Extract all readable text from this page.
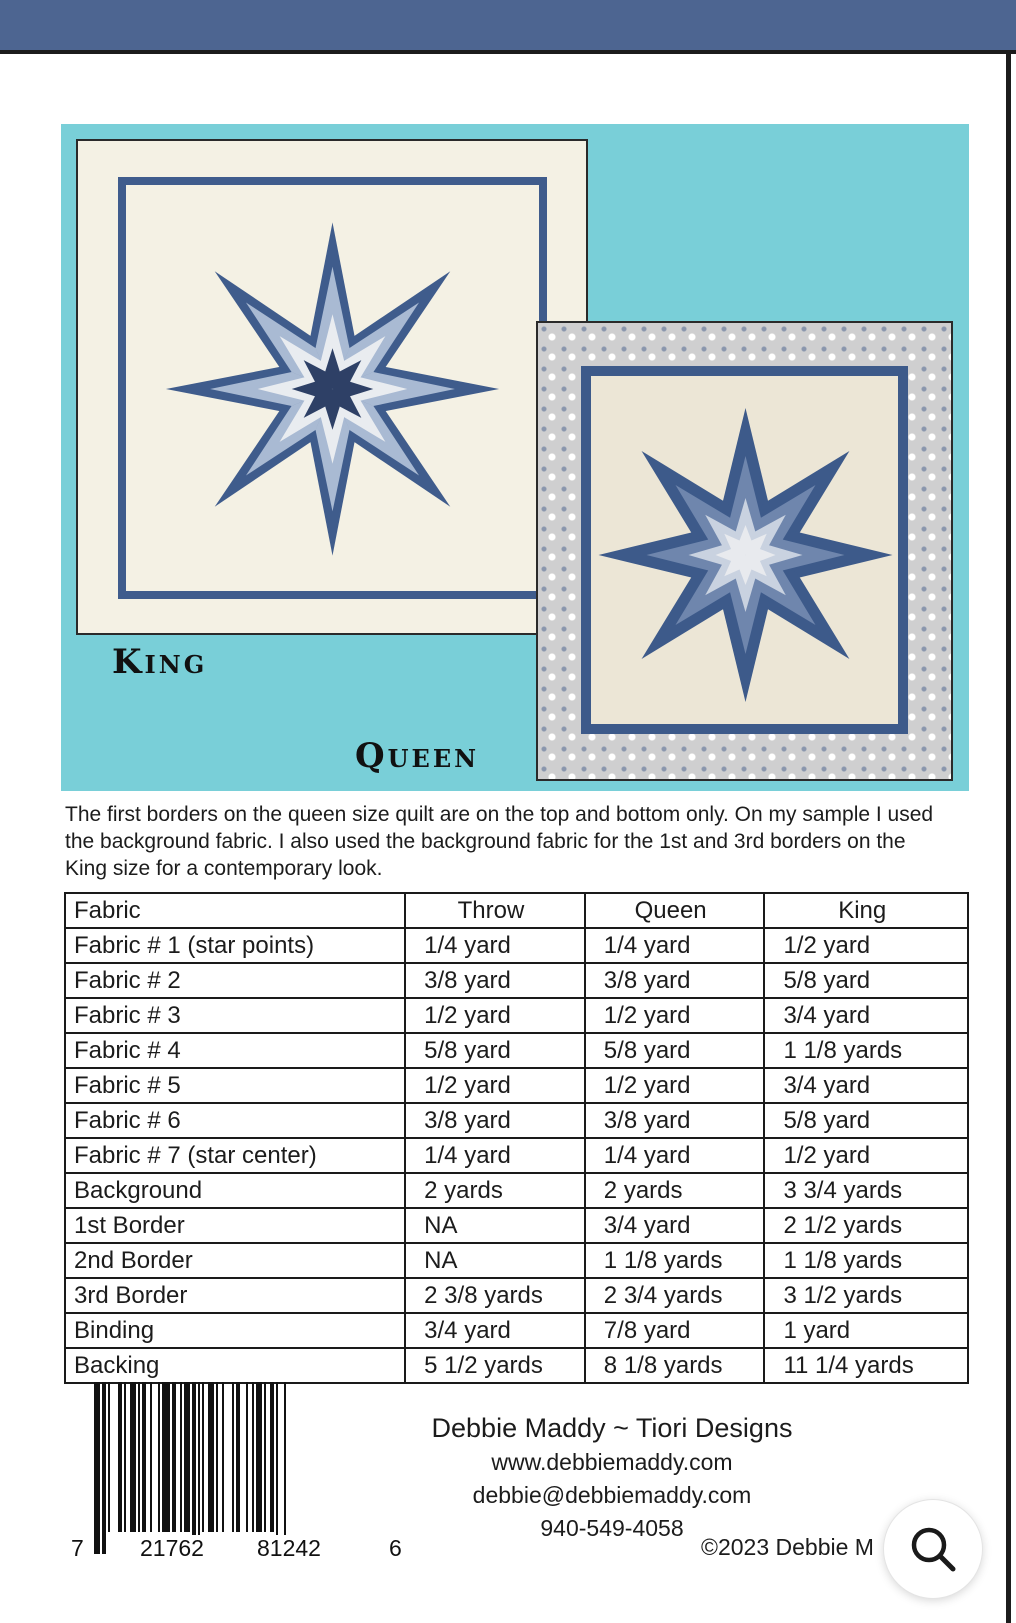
King
Queen

The first borders on the queen size quilt are on the top and bottom only. On my sample I used the background fabric. I also used the background fabric for the 1st and 3rd borders on the King size for a contemporary look.

Fabric	Throw	Queen	King
Fabric # 1 (star points)	1/4 yard	1/4 yard	1/2 yard
Fabric # 2	3/8 yard	3/8 yard	5/8 yard
Fabric # 3	1/2 yard	1/2 yard	3/4 yard
Fabric # 4	5/8 yard	5/8 yard	1 1/8 yards
Fabric # 5	1/2 yard	1/2 yard	3/4 yard
Fabric # 6	3/8 yard	3/8 yard	5/8 yard
Fabric # 7 (star center)	1/4 yard	1/4 yard	1/2 yard
Background	2 yards	2 yards	3 3/4 yards
1st Border	NA	3/4 yard	2 1/2 yards
2nd Border	NA	1 1/8 yards	1 1/8 yards
3rd Border	2 3/8 yards	2 3/4 yards	3 1/2 yards
Binding	3/4 yard	7/8 yard	1 yard
Backing	5 1/2 yards	8 1/8 yards	11 1/4 yards
7 21762 81242	6
Debbie Maddy ~ Tiori Designs
www.debbiemaddy.com
debbie@debbiemaddy.com
940-549-4058
©2023 Debbie M
